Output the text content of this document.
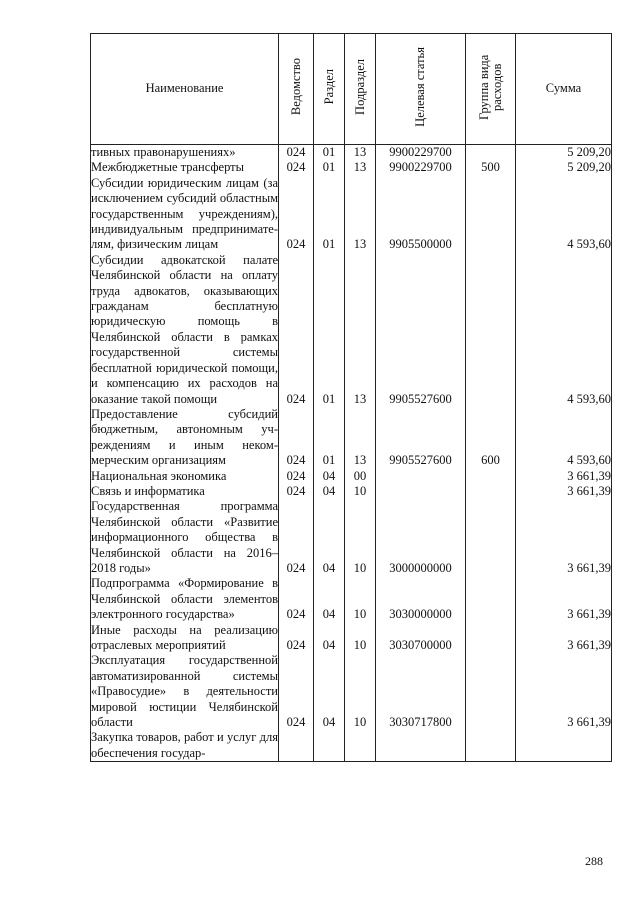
Наименование	Ведомство	Раздел	Подраздел	Целевая статья	Группа вида расходов	Сумма
тивных правонарушениях»	024	01	13	9900229700		5 209,20
Межбюджетные трансферты	024	01	13	9900229700	500	5 209,20
Субсидии юридическим лицам (за исключением субсидий областным государственным учреждениям), индивидуальным предпринимателям, физическим лицам	024	01	13	9905500000		4 593,60
Субсидии адвокатской палате Челябинской области на оплату труда адвокатов, оказывающих гражданам бесплатную юридическую помощь в Челябинской области в рамках государственной системы бесплатной юридической помощи, и компенсацию их расходов на оказание такой помощи	024	01	13	9905527600		4 593,60
Предоставление субсидий бюджетным, автономным учреждениям и иным некоммерческим организациям	024	01	13	9905527600	600	4 593,60
Национальная экономика	024	04	00			3 661,39
Связь и информатика	024	04	10			3 661,39
Государственная программа Челябинской области «Развитие информационного общества в Челябинской области на 2016–2018 годы»	024	04	10	3000000000		3 661,39
Подпрограмма «Формирование в Челябинской области элементов электронного государства»	024	04	10	3030000000		3 661,39
Иные расходы на реализацию отраслевых мероприятий	024	04	10	3030700000		3 661,39
Эксплуатация государственной автоматизированной системы «Правосудие» в деятельности мировой юстиции Челябинской области	024	04	10	3030717800		3 661,39
Закупка товаров, работ и услуг для обеспечения государ-						
288
